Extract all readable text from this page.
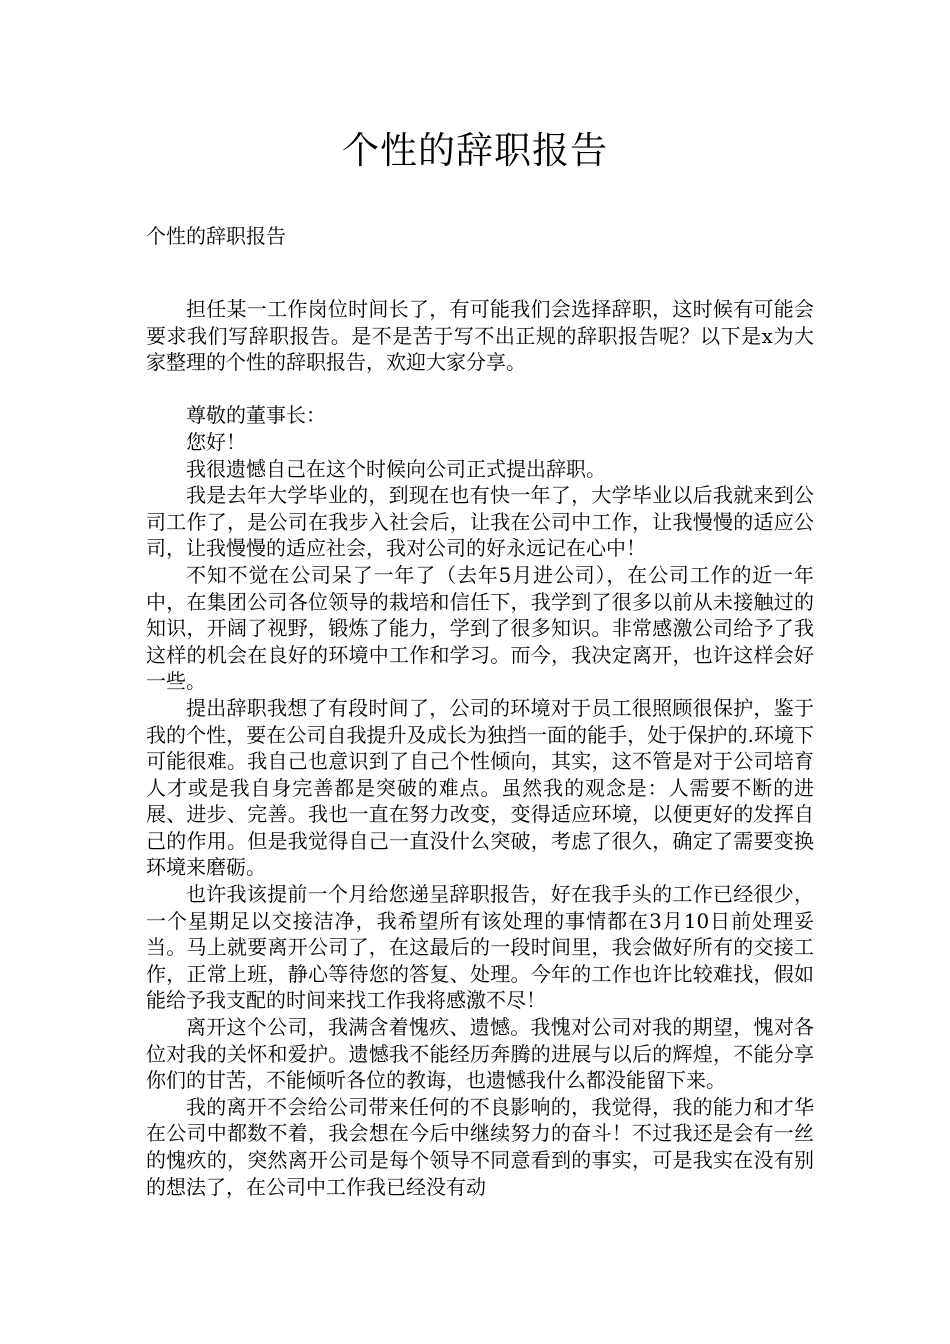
个性的辞职报告

个性的辞职报告

担任某一工作岗位时间长了，有可能我们会选择辞职，这时候有可能会要求我们写辞职报告。是不是苦于写不出正规的辞职报告呢？以下是x为大家整理的个性的辞职报告，欢迎大家分享。

尊敬的董事长：

您好！

我很遗憾自己在这个时候向公司正式提出辞职。

我是去年大学毕业的，到现在也有快一年了，大学毕业以后我就来到公司工作了，是公司在我步入社会后，让我在公司中工作，让我慢慢的适应公司，让我慢慢的适应社会，我对公司的好永远记在心中！

不知不觉在公司呆了一年了（去年5月进公司），在公司工作的近一年中，在集团公司各位领导的栽培和信任下，我学到了很多以前从未接触过的知识，开阔了视野，锻炼了能力，学到了很多知识。非常感激公司给予了我这样的机会在良好的环境中工作和学习。而今，我决定离开，也许这样会好一些。

提出辞职我想了有段时间了，公司的环境对于员工很照顾很保护，鉴于我的个性，要在公司自我提升及成长为独挡一面的能手，处于保护的.环境下可能很难。我自己也意识到了自己个性倾向，其实，这不管是对于公司培育人才或是我自身完善都是突破的难点。虽然我的观念是：人需要不断的进展、进步、完善。我也一直在努力改变，变得适应环境，以便更好的发挥自己的作用。但是我觉得自己一直没什么突破，考虑了很久，确定了需要变换环境来磨砺。

也许我该提前一个月给您递呈辞职报告，好在我手头的工作已经很少，一个星期足以交接洁净，我希望所有该处理的事情都在3月10日前处理妥当。马上就要离开公司了，在这最后的一段时间里，我会做好所有的交接工作，正常上班，静心等待您的答复、处理。今年的工作也许比较难找，假如能给予我支配的时间来找工作我将感激不尽！

离开这个公司，我满含着愧疚、遗憾。我愧对公司对我的期望，愧对各位对我的关怀和爱护。遗憾我不能经历奔腾的进展与以后的辉煌，不能分享你们的甘苦，不能倾听各位的教诲，也遗憾我什么都没能留下来。

我的离开不会给公司带来任何的不良影响的，我觉得，我的能力和才华在公司中都数不着，我会想在今后中继续努力的奋斗！不过我还是会有一丝的愧疚的，突然离开公司是每个领导不同意看到的事实，可是我实在没有别的想法了，在公司中工作我已经没有动
